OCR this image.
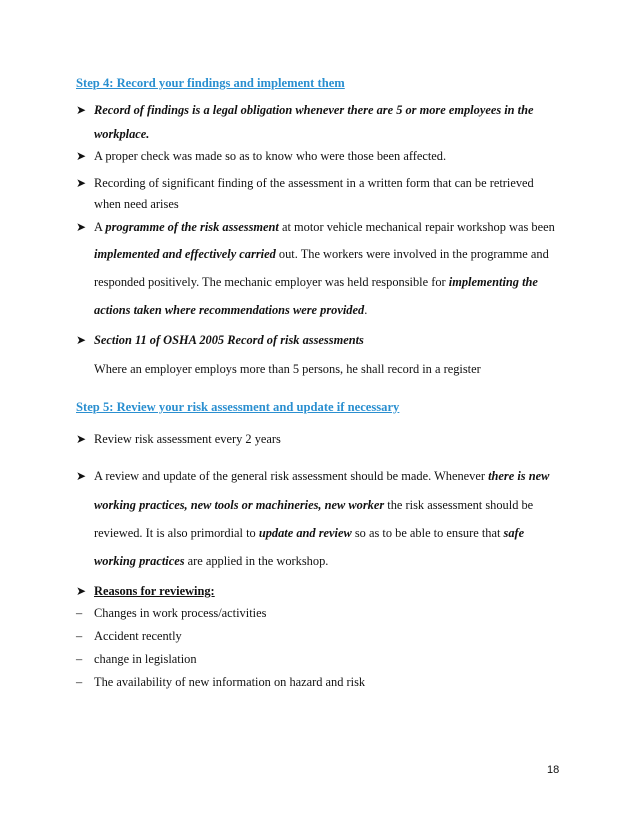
Step 4: Record your findings and implement them
➤ Record of findings is a legal obligation whenever there are 5 or more employees in the
workplace.
➤ A proper check was made so as to know who were those been affected.
➤ Recording of significant finding of the assessment in a written form that can be retrieved
when need arises
➤ A programme of the risk assessment at motor vehicle mechanical repair workshop was been
implemented and effectively carried out. The workers were involved in the programme and
responded positively. The mechanic employer was held responsible for implementing the
actions taken where recommendations were provided.
➤ Section 11 of OSHA 2005 Record of risk assessments
Where an employer employs more than 5 persons, he shall record in a register
Step 5: Review your risk assessment and update if necessary
➤ Review risk assessment every 2 years
➤ A review and update of the general risk assessment should be made. Whenever there is new
working practices, new tools or machineries, new worker the risk assessment should be
reviewed. It is also primordial to update and review so as to be able to ensure that safe
working practices are applied in the workshop.
➤ Reasons for reviewing:
– Changes in work process/activities
– Accident recently
– change in legislation
– The availability of new information on hazard and risk
18
